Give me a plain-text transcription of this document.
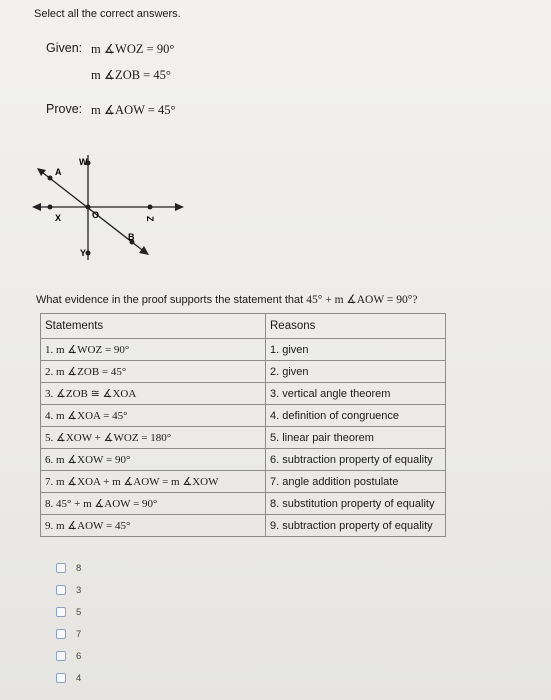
Select all the correct answers.
Given: m ∡WOZ = 90°
m ∡ZOB = 45°
Prove: m ∡AOW = 45°
W
A
X	O	Z
B
Y
What evidence in the proof supports the statement that 45° + m ∡AOW = 90°?
Statements	Reasons
1. m ∡WOZ = 90°	1. given
2. m ∡ZOB = 45°	2. given
3. ∡ZOB ≅ ∡XOA	3. vertical angle theorem
4. m ∡XOA = 45°	4. definition of congruence
5. ∡XOW + ∡WOZ = 180°	5. linear pair theorem
6. m ∡XOW = 90°	6. subtraction property of equality
7. m ∡XOA + m ∡AOW = m ∡XOW	7. angle addition postulate
8. 45° + m ∡AOW = 90°	8. substitution property of equality
9. m ∡AOW = 45°	9. subtraction property of equality
8
3
5
7
6
4
